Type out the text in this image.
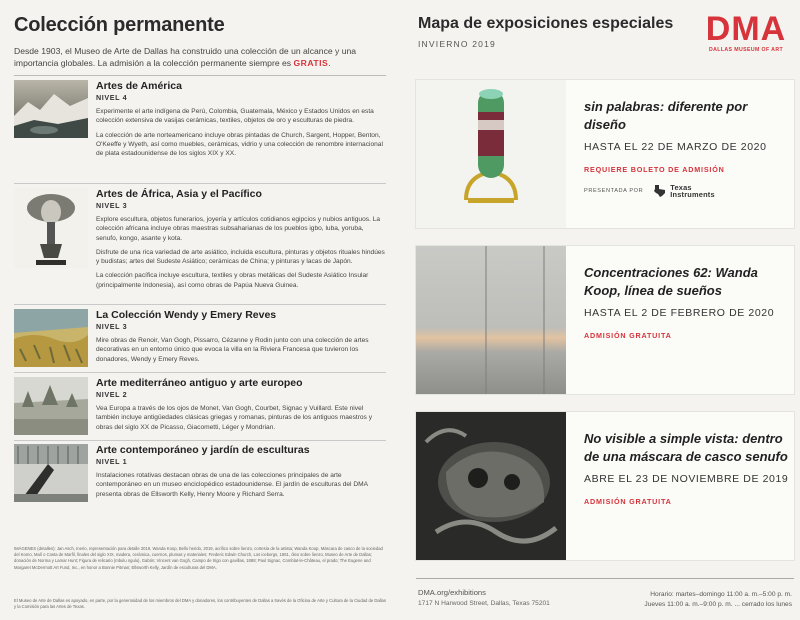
Colección permanente
Desde 1903, el Museo de Arte de Dallas ha construido una colección de un alcance y una importancia globales. La admisión a la colección permanente siempre es GRATIS.
Artes de América
NIVEL 4
Experimente el arte indígena de Perú, Colombia, Guatemala, México y Estados Unidos en esta colección extensiva de vasijas cerámicas, textiles, objetos de oro y esculturas de piedra.
La colección de arte norteamericano incluye obras pintadas de Church, Sargent, Hopper, Benton, O'Keeffe y Wyeth, así como muebles, cerámicas, vidrio y una colección de renombre internacional de plata estadounidense de los siglos XIX y XX.
Artes de África, Asia y el Pacífico
NIVEL 3
Explore escultura, objetos funerarios, joyería y artículos cotidianos egipcios y nubios antiguos. La colección africana incluye obras maestras subsaharianas de los pueblos igbo, luba, yoruba, senufo, kongo, asante y kota.
Disfrute de una rica variedad de arte asiático, incluida escultura, pinturas y objetos rituales hindúes y budistas; artes del Sudeste Asiático; cerámicas de China; y pinturas y lacas de Japón.
La colección pacífica incluye escultura, textiles y obras metálicas del Sudeste Asiático Insular (principalmente Indonesia), así como obras de Papúa Nueva Guinea.
La Colección Wendy y Emery Reves
NIVEL 3
Mire obras de Renoir, Van Gogh, Pissarro, Cézanne y Rodin junto con una colección de artes decorativas en un entorno único que evoca la villa en la Riviera Francesa que tuvieron los donadores, Wendy y Emery Reves.
Arte mediterráneo antiguo y arte europeo
NIVEL 2
Vea Europa a través de los ojos de Monet, Van Gogh, Courbet, Signac y Vuillard. Este nivel también incluye antigüedades clásicas griegas y romanas, pinturas de los antiguos maestros y obras del siglo XX de Picasso, Giacometti, Léger y Mondrian.
Arte contemporáneo y jardín de esculturas
NIVEL 1
Instalaciones rotativas destacan obras de una de las colecciones principales de arte contemporáneo en un museo enciclopédico estadounidense. El jardín de esculturas del DMA presenta obras de Ellsworth Kelly, Henry Moore y Richard Serra.
IMÁGENES (detalles): Jan Asch, Inerio, representación para detalle 2019, Wanda Koop, Bello herido, 2019, acrílico sobre lienzo, cortesía de la artista; Wanda Koop, Máscara de casco de la sociedad del Komo, Malí o Costa de Marfil, finales del siglo XIX, madera, cerámica, cuernos, plumas y materiales; Frederic Edwin Church, Los icebergs, 1861, óleo sobre lienzo, Museo de Arte de Dallas; donación de Norma y Lamar Hunt; Figura de relicario (mbulu ngulu), Gabón; Vincent van Gogh, Campo de trigo con gavillas, 1888; Paul Signac, Comblat-le-Château, el prado; The Eugene and Margaret McDermott Art Fund, Inc., en honor a Bonnie Pitman; Ellsworth Kelly, Jardín de esculturas del DMA.
El Museo de Arte de Dallas es apoyado, en parte, por la generosidad de los miembros del DMA y donadores, los contribuyentes de Dallas a través de la Oficina de Arte y Cultura de la Ciudad de Dallas y la Comisión para las Artes de Texas.
Mapa de exposiciones especiales
INVIERNO 2019	DMA
DALLAS MUSEUM OF ART
sin palabras: diferente por diseño
HASTA EL 22 DE MARZO DE 2020
REQUIERE BOLETO DE ADMISIÓN
PRESENTADA POR	Texas
Instruments
Concentraciones 62: Wanda Koop, línea de sueños
HASTA EL 2 DE FEBRERO DE 2020
ADMISIÓN GRATUITA
No visible a simple vista: dentro de una máscara de casco senufo
ABRE EL 23 DE NOVIEMBRE DE 2019
ADMISIÓN GRATUITA
DMA.org/exhibitions
1717 N Harwood Street, Dallas, Texas 75201
Horario: martes–domingo 11:00 a. m.–5:00 p. m.
Jueves 11:00 a. m.–9:00 p. m. ... cerrado los lunes
